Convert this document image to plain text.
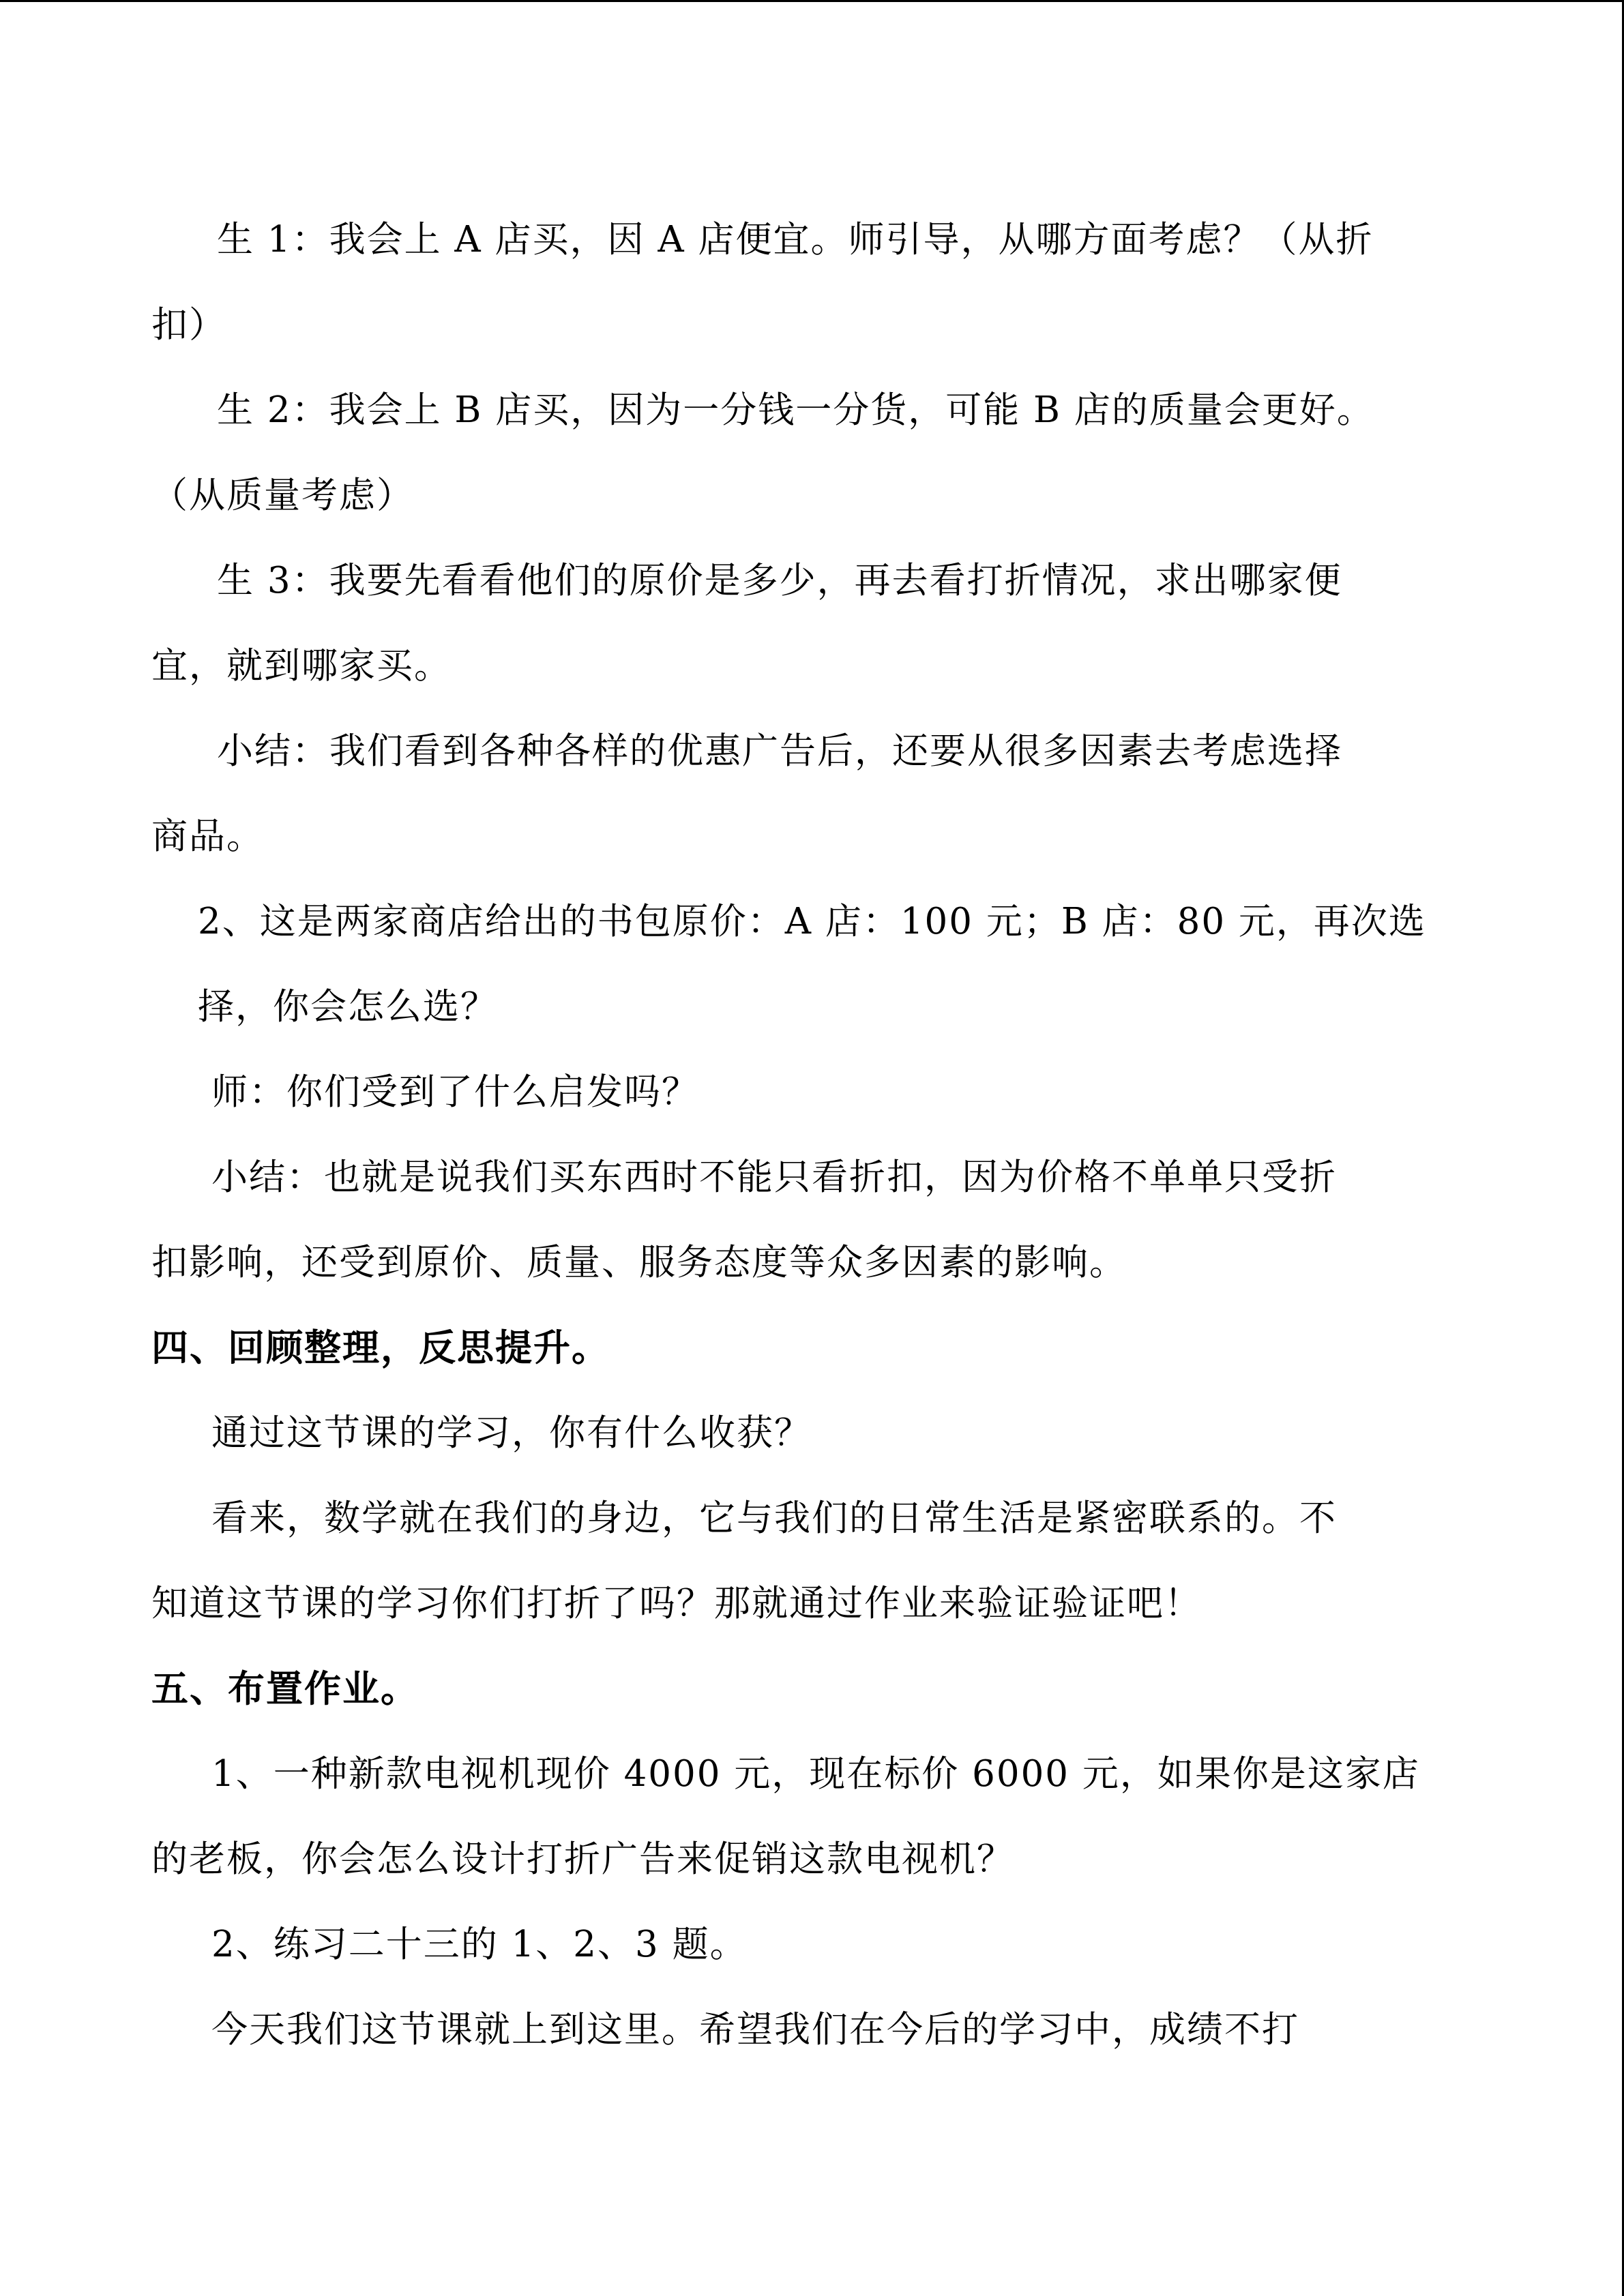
生 1：我会上 A 店买，因 A 店便宜。师引导，从哪方面考虑？（从折
扣）
生 2：我会上 B 店买，因为一分钱一分货，可能 B 店的质量会更好。
（从质量考虑）
生 3：我要先看看他们的原价是多少，再去看打折情况，求出哪家便
宜，就到哪家买。
小结：我们看到各种各样的优惠广告后，还要从很多因素去考虑选择
商品。
2、这是两家商店给出的书包原价：A 店：100 元；B 店：80 元，再次选
择，你会怎么选？
师：你们受到了什么启发吗？
小结：也就是说我们买东西时不能只看折扣，因为价格不单单只受折
扣影响，还受到原价、质量、服务态度等众多因素的影响。
四、回顾整理，反思提升。
通过这节课的学习，你有什么收获？
看来，数学就在我们的身边，它与我们的日常生活是紧密联系的。不
知道这节课的学习你们打折了吗？那就通过作业来验证验证吧！
五、布置作业。
1、一种新款电视机现价 4000 元，现在标价 6000 元，如果你是这家店
的老板，你会怎么设计打折广告来促销这款电视机？
2、练习二十三的 1、2、3 题。
今天我们这节课就上到这里。希望我们在今后的学习中，成绩不打
